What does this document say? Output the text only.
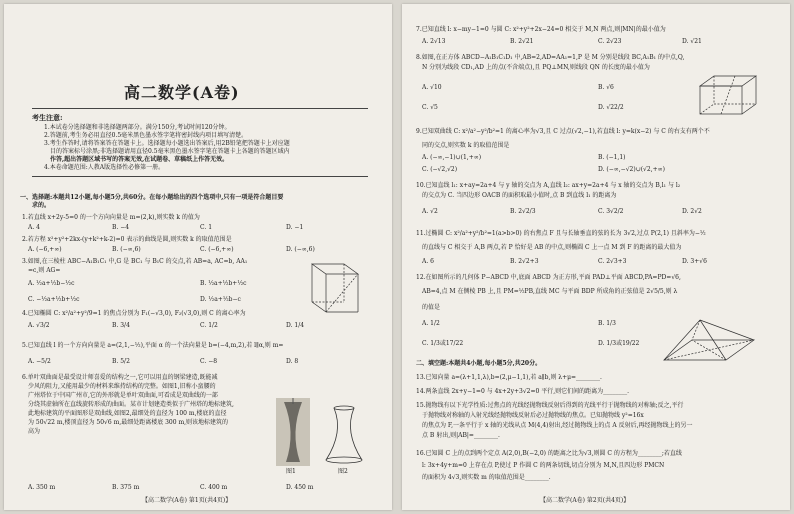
高二数学(A卷)
考生注意:
1.本试卷分选择题和非选择题两部分。满分150分,考试时间120分钟。
2.答题前,考生务必用直径0.5毫米黑色墨水签字笔将密封线内项目填写清楚。
3.考生作答时,请将答案答在答题卡上。选择题每小题选出答案后,用2B铅笔把答题卡上对应题
目的答案标号涂黑;非选择题请用直径0.5毫米黑色墨水签字笔在答题卡上各题的答题区域内
作答,超出答题区域书写的答案无效,在试题卷、草稿纸上作答无效。
4.本卷命题范围:人教A版选择性必修第一册。
一、选择题:本题共12小题,每小题5分,共60分。在每小题给出的四个选项中,只有一项是符合题目要
求的。
1.若直线 x+2y-5=0 的一个方向向量是 m=(2,k),则实数 k 的值为
A. 4	B. −4	C. 1	D. −1
2.若方程 x²+y²+2kx-(y+k²+k-2)=0 表示的曲线是圆,则实数 k 的取值范围是
A. (−6,+∞)	B. (−∞,6)	C. (−6,+∞)	D. (−∞,6)
3.如图,在三棱柱 ABC−A₁B₁C₁ 中,G 是 BC₁ 与 B₁C 的交点,若 AB=a, AC=b, AA₁
=c,则 AG=
A. ½a+½b−½c	B. ½a+½b+½c
C. −½a+½b+½c	D. ½a+½b−c
4.已知椭圆 C: x²/a²+y²/9=1 的焦点分别为 F₁(−√3,0), F₂(√3,0),则 C 的离心率为
A. √3/2	B. 3/4	C. 1/2	D. 1/4
5.已知直线 l 的一个方向向量是 a=(2,1,−½),平面 α 的一个法向量是 b=(−4,m,2),若 l∥α,则 m=
A. −5/2	B. 5/2	C. −8	D. 8
6.单叶双曲面是最受设计师喜爱的结构之一,它可以用直的钢梁建造,既能减
少风的阻力,又能用最少的材料来维持结构的完整。如图1,旧称小蛮腰的
广州塔位于中国广州市,它的外形就是单叶双曲面,可看成是双曲线的一部
分绕其虚轴所在直线旋转形成的曲面。某市计划建造类似于广州塔的地标建筑,
此地标建筑的平面图形是双曲线,如图2,最细处的直径为 100 m,楼底的直径
为 50√22 m,楼顶直径为 50√6 m,最细处距离楼底 300 m,则该地标建筑的
高为
图1	图2
A. 350 m	B. 375 m	C. 400 m	D. 450 m
【高二数学(A卷) 第1页(共4页)】
7.已知直线 l: x−my−1=0 与圆 C: x²+y²+2x−24=0 相交于 M,N 两点,则|MN|的最小值为
A. 2√13	B. 2√21	C. 2√23	D. √21
8.如图,在正方体 ABCD−A₁B₁C₁D₁ 中,AB=2,AD=AA₁=1,P 是 M 分别是线段 BC,A₁B₁ 的中点,Q,
N 分别为线段 CD₁,AD 上的点(不含端点),且 PQ⊥MN,则线段 QN 的长度的最小值为
A. √10	B. √6
C. √5	D. √22/2
9.已知双曲线 C: x²/a²−y²/b²=1 的离心率为√3,且 C 过点(√2,−1),若直线 l: y=k(x−2) 与 C 的右支有两个不
同的交点,则实数 k 的取值范围是
A. (−∞,−1)∪(1,+∞)	B. (−1,1)
C. (−√2,√2)	D. (−∞,−√2)∪(√2,+∞)
10.已知直线 l₁: x+ay=2a+4 与 y 轴的交点为 A,直线 l₂: ax+y=2a+4 与 x 轴的交点为 B,l₁ 与 l₂
的交点为 C. 当四边形 OACB 的面积取最小值时,点 B 到直线 l₁ 的距离为
A. √2	B. 2√2/3	C. 3√2/2	D. 2√2
11.过椭圆 C: x²/a²+y²/b²=1(a>b>0) 的右焦点 F 且与长轴垂直的弦的长为 3√2,过点 P(2,1) 且斜率为−½
的直线与 C 相交于 A,B 两点,若 P 恰好是 AB 的中点,则椭圆 C 上一点 M 到 F 的距离的最大值为
A. 6	B. 2√2+3	C. 2√3+3	D. 3+√6
12.在如图所示的几何体 P−ABCD 中,底面 ABCD 为正方形,平面 PAD⊥平面 ABCD,PA=PD=√6,
AB=4,点 M 在侧棱 PB 上,且 PM=½PB,直线 MC 与平面 BDP 所成角的正弦值是 2√5/5,则 λ
的值是
A. 1/2	B. 1/3
C. 1/3或17/22	D. 1/3或19/22
二、填空题:本题共4小题,每小题5分,共20分。
13.已知向量 a=(λ+1,1,λ),b=(2,μ−1,1),若 a∥b,则 λ+μ=________.
14.两条直线 2x+y−1=0 与 4x+2y+3√2=0 平行,则它们间的距离为________.
15.抛物线有以下光学性质:过焦点的光线经抛物线反射后得到的光线平行于抛物线的对称轴;反之,平行
于抛物线对称轴的入射光线经抛物线反射后必过抛物线的焦点。已知抛物线 y²=16x
的焦点为 F,一条平行于 x 轴的光线从点 M(4,4)射出,经过抛物线上的点 A 反射后,再经抛物线上的另一
点 B 射出,则|AB|=________.
16.已知圆 C 上的点到两个定点 A(2,0),B(−2,0) 的距离之比为√3,则圆 C 的方程为________;若直线
l: 3x+4y+m=0 上存在点 P,使过 P 作圆 C 的两条切线,切点分别为 M,N,且四边形 PMCN
的面积为 4√3,则实数 m 的取值范围是________.
【高二数学(A卷) 第2页(共4页)】
